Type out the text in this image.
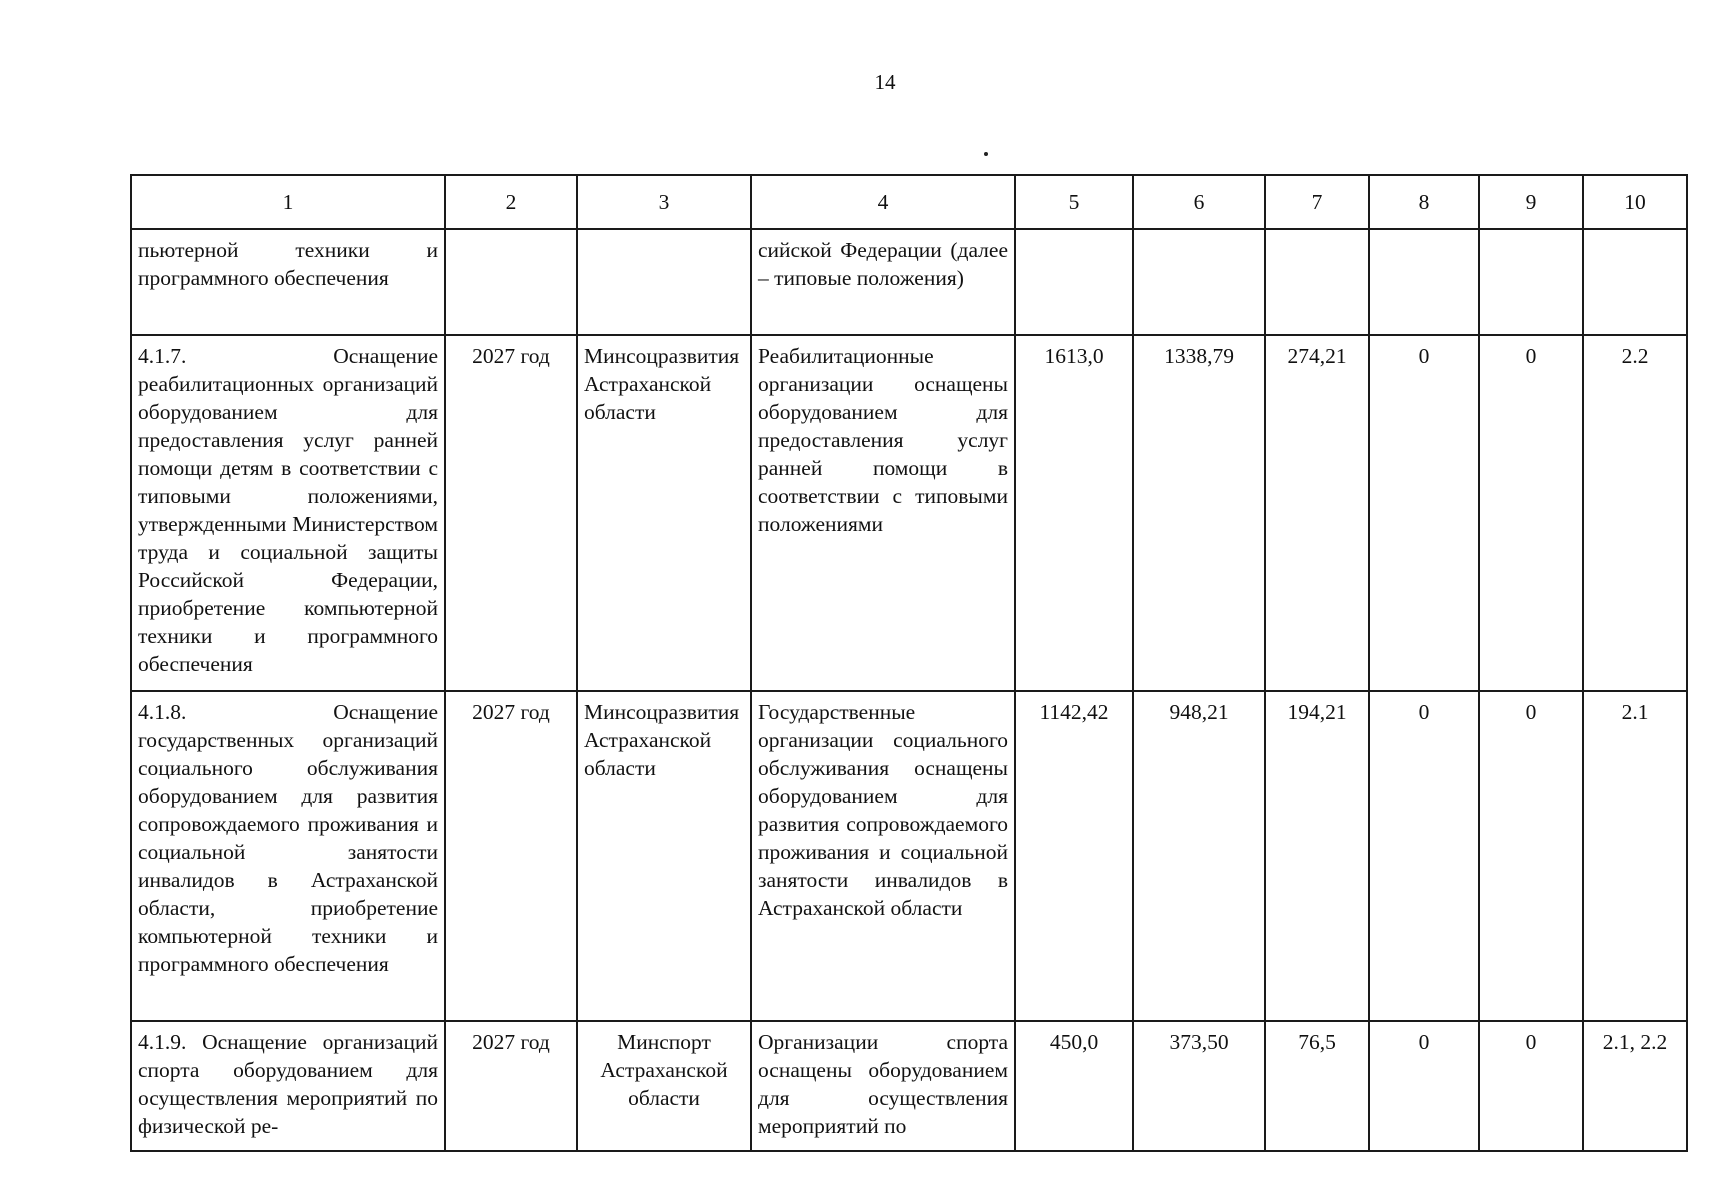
14
1	2	3	4	5	6	7	8	9	10
пьютерной техники и программного обеспечения			сийской Федерации (далее – типовые положения)						
4.1.7. Оснащение реабилитационных организаций оборудованием для предоставления услуг ранней помощи детям в соответствии с типовыми положениями, утвержденными Министерством труда и социальной защиты Российской Федерации, приобретение компьютерной техники и программного обеспечения	2027 год	Минсоцразвития Астраханской области	Реабилитационные организации оснащены оборудованием для предоставления услуг ранней помощи в соответствии с типовыми положениями	1613,0	1338,79	274,21	0	0	2.2
4.1.8. Оснащение государственных организаций социального обслуживания оборудованием для развития сопровождаемого проживания и социальной занятости инвалидов в Астраханской области, приобретение компьютерной техники и программного обеспечения	2027 год	Минсоцразвития Астраханской области	Государственные организации социального обслуживания оснащены оборудованием для развития сопровождаемого проживания и социальной занятости инвалидов в Астраханской области	1142,42	948,21	194,21	0	0	2.1
4.1.9. Оснащение организаций спорта оборудованием для осуществления мероприятий по физической ре-	2027 год	Минспорт Астраханской области	Организации спорта оснащены оборудованием для осуществления мероприятий по	450,0	373,50	76,5	0	0	2.1, 2.2
